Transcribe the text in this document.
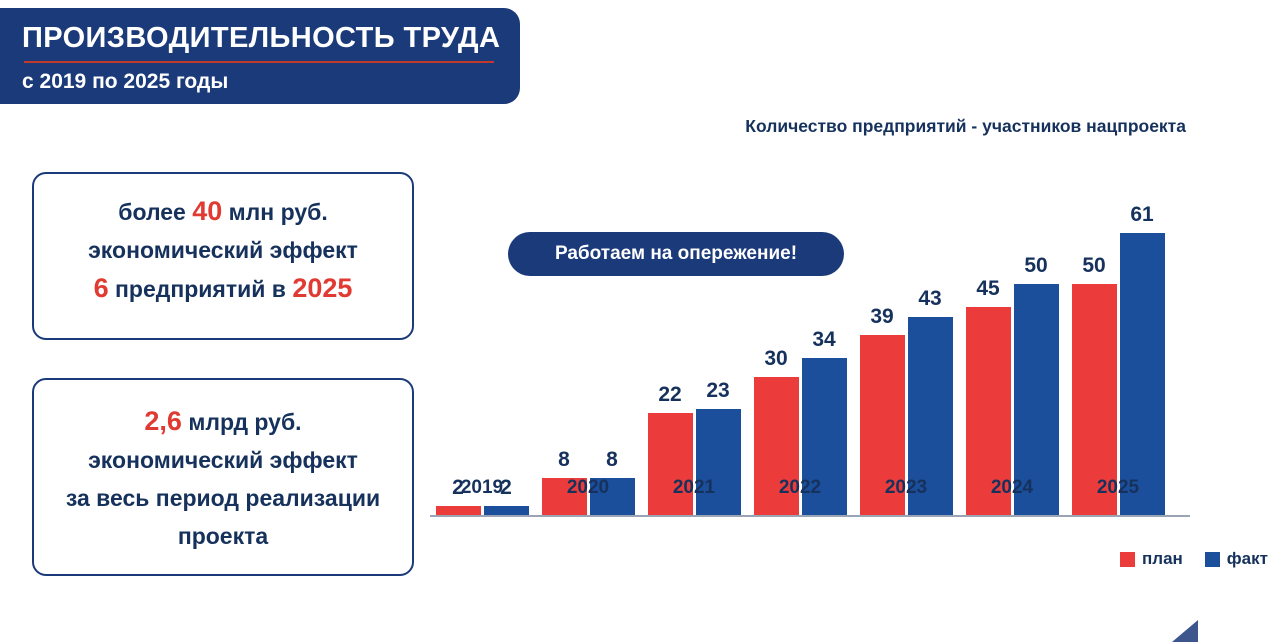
ПРОИЗВОДИТЕЛЬНОСТЬ ТРУДА
с 2019 по 2025 годы
Количество предприятий - участников нацпроекта
более 40 млн руб.
экономический эффект
6 предприятий в 2025
2,6 млрд руб.
экономический эффект
за весь период реализации
проекта
Работаем на опережение!
2	2
2019
8	8
2020
22	23
2021
30
34
2022
39
43
2023
45
50
2024
50
61
2025
план	факт
